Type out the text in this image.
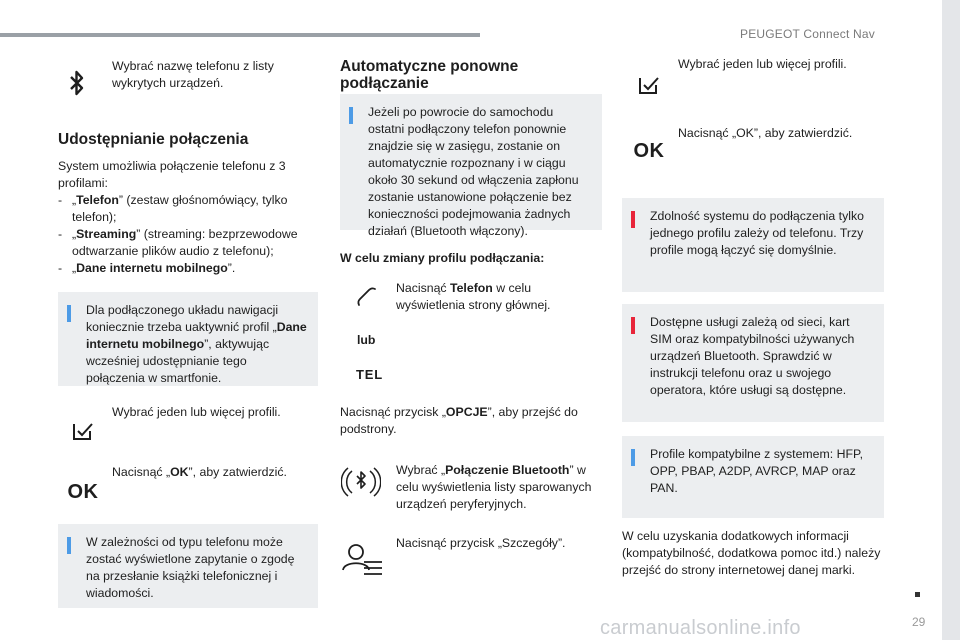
PEUGEOT Connect Nav
29
carmanualsonline.info
Wybrać nazwę telefonu z listy wykrytych urządzeń.
Udostępnianie połączenia
System umożliwia połączenie telefonu z 3 profilami:
- „Telefon” (zestaw głośnomówiący, tylko telefon);
- „Streaming” (streaming: bezprzewodowe odtwarzanie plików audio z telefonu);
- „Dane internetu mobilnego”.
Dla podłączonego układu nawigacji koniecznie trzeba uaktywnić profil „Dane internetu mobilnego”, aktywując wcześniej udostępnianie tego połączenia w smartfonie.
Wybrać jeden lub więcej profili.
OK
Nacisnąć „OK”, aby zatwierdzić.
W zależności od typu telefonu może zostać wyświetlone zapytanie o zgodę na przesłanie książki telefonicznej i wiadomości.
Automatyczne ponowne podłączanie
Jeżeli po powrocie do samochodu ostatni podłączony telefon ponownie znajdzie się w zasięgu, zostanie on automatycznie rozpoznany i w ciągu około 30 sekund od włączenia zapłonu zostanie ustanowione połączenie bez konieczności podejmowania żadnych działań (Bluetooth włączony).
W celu zmiany profilu podłączania:
Nacisnąć Telefon w celu wyświetlenia strony głównej.
lub
TEL
Nacisnąć przycisk „OPCJE”, aby przejść do podstrony.
Wybrać „Połączenie Bluetooth” w celu wyświetlenia listy sparowanych urządzeń peryferyjnych.
Nacisnąć przycisk „Szczegóły”.
Wybrać jeden lub więcej profili.
OK
Nacisnąć „OK”, aby zatwierdzić.
Zdolność systemu do podłączenia tylko jednego profilu zależy od telefonu. Trzy profile mogą łączyć się domyślnie.
Dostępne usługi zależą od sieci, kart SIM oraz kompatybilności używanych urządzeń Bluetooth. Sprawdzić w instrukcji telefonu oraz u swojego operatora, które usługi są dostępne.
Profile kompatybilne z systemem: HFP, OPP, PBAP, A2DP, AVRCP, MAP oraz PAN.
W celu uzyskania dodatkowych informacji (kompatybilność, dodatkowa pomoc itd.) należy przejść do strony internetowej danej marki.
